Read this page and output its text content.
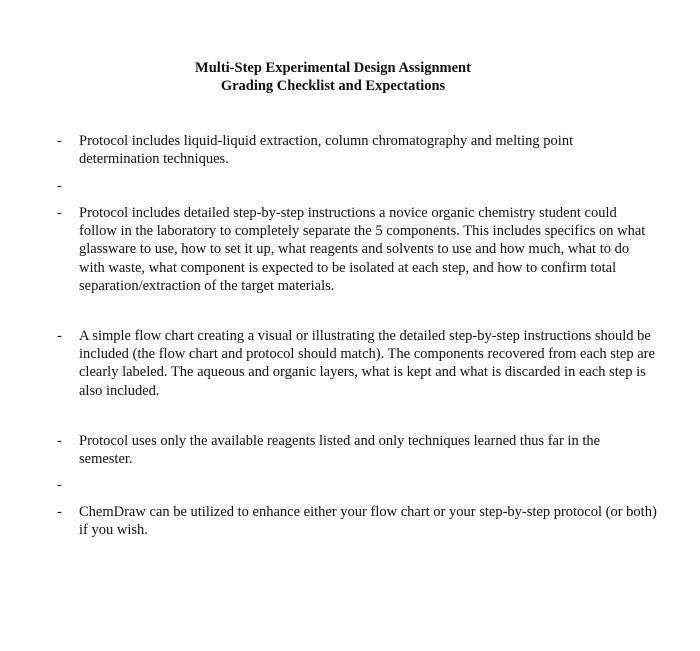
Multi-Step Experimental Design Assignment
Grading Checklist and Expectations
-	Protocol includes liquid-liquid extraction, column chromatography and melting point determination techniques.
-
-	Protocol includes detailed step-by-step instructions a novice organic chemistry student could follow in the laboratory to completely separate the 5 components. This includes specifics on what glassware to use, how to set it up, what reagents and solvents to use and how much, what to do with waste, what component is expected to be isolated at each step, and how to confirm total separation/extraction of the target materials.
-	A simple flow chart creating a visual or illustrating the detailed step-by-step instructions should be included (the flow chart and protocol should match). The components recovered from each step are clearly labeled. The aqueous and organic layers, what is kept and what is discarded in each step is also included.
-	Protocol uses only the available reagents listed and only techniques learned thus far in the semester.
-
-	ChemDraw can be utilized to enhance either your flow chart or your step-by-step protocol (or both) if you wish.
